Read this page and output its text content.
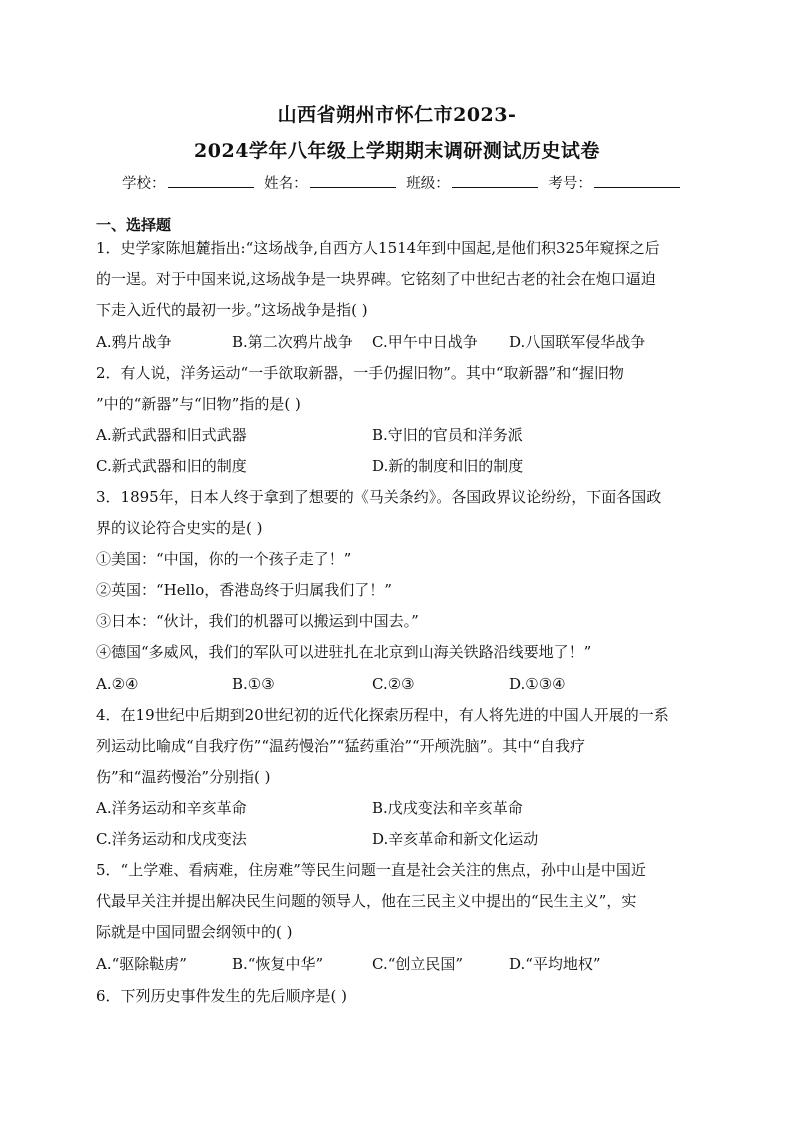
山西省朔州市怀仁市2023-
2024学年八年级上学期期末调研测试历史试卷
学校：	姓名：	班级：	考号：
一、选择题
1．史学家陈旭麓指出:“这场战争,自西方人1514年到中国起,是他们积325年窥探之后
的一逞。对于中国来说,这场战争是一块界碑。它铭刻了中世纪古老的社会在炮口逼迫
下走入近代的最初一步。”这场战争是指( )
A.鸦片战争	B.第二次鸦片战争 C.甲午中日战争 D.八国联军侵华战争
2．有人说，洋务运动“一手欲取新器，一手仍握旧物”。其中“取新器”和“握旧物
”中的“新器”与“旧物”指的是( )
A.新式武器和旧式武器	B.守旧的官员和洋务派
C.新式武器和旧的制度	D.新的制度和旧的制度
3．1895年，日本人终于拿到了想要的《马关条约》。各国政界议论纷纷，下面各国政
界的议论符合史实的是( )
①美国：“中国，你的一个孩子走了！”
②英国：“Hello，香港岛终于归属我们了！”
③日本：“伙计，我们的机器可以搬运到中国去。”
④德国“多威风，我们的军队可以进驻扎在北京到山海关铁路沿线要地了！”
A.②④	B.①③	C.②③	D.①③④
4．在19世纪中后期到20世纪初的近代化探索历程中，有人将先进的中国人开展的一系
列运动比喻成“自我疗伤”“温药慢治”“猛药重治”“开颅洗脑”。其中“自我疗
伤”和“温药慢治”分别指( )
A.洋务运动和辛亥革命	B.戊戌变法和辛亥革命
C.洋务运动和戊戌变法	D.辛亥革命和新文化运动
5．“上学难、看病难，住房难”等民生问题一直是社会关注的焦点，孙中山是中国近
代最早关注并提出解决民生问题的领导人，他在三民主义中提出的“民生主义”，实
际就是中国同盟会纲领中的( )
A.“驱除鞑虏”	B.“恢复中华”	C.“创立民国”	D.“平均地权”
6．下列历史事件发生的先后顺序是( )
